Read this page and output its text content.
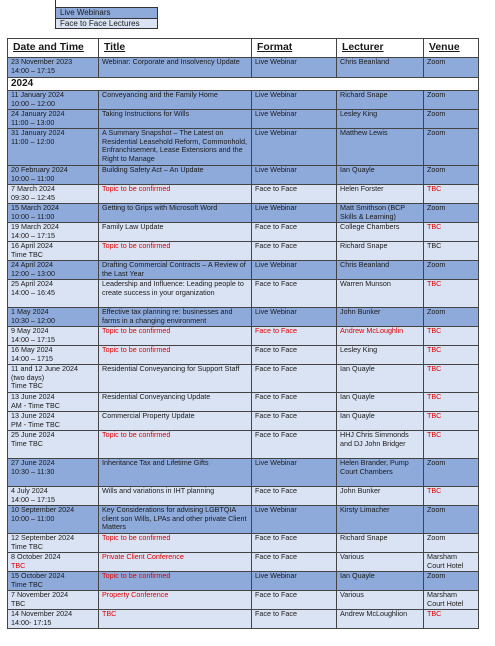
Live Webinars
Face to Face Lectures
Date and Time	Title	Format	Lecturer	Venue
23 November 2023
14:00 – 17:15	Webinar: Corporate and Insolvency Update	Live Webinar	Chris Beanland	Zoom
2024				
11 January 2024
10:00 – 12:00	Conveyancing and the Family Home	Live Webinar	Richard Snape	Zoom
24 January 2024
11:00 – 13:00	Taking Instructions for Wills	Live Webinar	Lesley King	Zoom
31 January 2024
11:00 – 12:00	A Summary Snapshot – The Latest on Residential Leasehold Reform, Commonhold, Enfranchisement, Lease Extensions and the Right to Manage	Live Webinar	Matthew Lewis	Zoom
20 February 2024
10:00 – 11:00	Building Safety Act – An Update	Live Webinar	Ian Quayle	Zoom
7 March 2024
09:30 – 12:45	Topic to be confirmed	Face to Face	Helen Forster	TBC
15 March 2024
10:00 – 11:00	Getting to Grips with Microsoft Word	Live Webinar	Matt Smithson (BCP Skills & Learning)	Zoom
19 March 2024
14:00 – 17:15	Family Law Update	Face to Face	College Chambers	TBC
16 April 2024
Time TBC	Topic to be confirmed	Face to Face	Richard Snape	TBC
24 April 2024
12:00 – 13:00	Drafting Commercial Contracts – A Review of the Last Year	Live Webinar	Chris Beanland	Zoom
25 April 2024
14:00 – 16:45	Leadership and Influence: Leading people to create success in your organization	Face to Face	Warren Munson	TBC
1 May 2024
10:30 – 12:00	Effective tax planning re: businesses and farms in a changing environment	Live Webinar	John Bunker	Zoom
9 May 2024
14:00 – 17:15	Topic to be confirmed	Face to Face	Andrew McLoughlin	TBC
16 May 2024
14:00 – 1715	Topic to be confirmed	Face to Face	Lesley King	TBC
11 and 12 June 2024
(two days)
Time TBC	Residential Conveyancing for Support Staff	Face to Face	Ian Quayle	TBC
13 June 2024
AM - Time TBC	Residential Conveyancing Update	Face to Face	Ian Quayle	TBC
13 June 2024
PM - Time TBC	Commercial Property Update	Face to Face	Ian Quayle	TBC
25 June 2024
Time TBC	Topic to be confirmed	Face to Face	HHJ Chris Simmonds and DJ John Bridger	TBC
27 June 2024
10:30 – 11:30	Inheritance Tax and Lifetime Gifts	Live Webinar	Helen Brander, Pump Court Chambers	Zoom
4 July 2024
14:00 – 17:15	Wills and variations in IHT planning	Face to Face	John Bunker	TBC
10 September 2024
10:00 – 11:00	Key Considerations for advising LGBTQIA client son Wills, LPAs and other private Client Matters	Live Webinar	Kirsty Limacher	Zoom
12 September 2024
Time TBC	Topic to be confirmed	Face to Face	Richard Snape	Zoom
8 October 2024
TBC	Private Client Conference	Face to Face	Various	Marsham Court Hotel
15 October 2024
Time TBC	Topic to be confirmed	Live Webinar	Ian Quayle	Zoom
7 November 2024
TBC	Property Conference	Face to Face	Various	Marsham Court Hotel
14 November 2024
14:00- 17:15	TBC	Face to Face	Andrew McLoughlion	TBC
